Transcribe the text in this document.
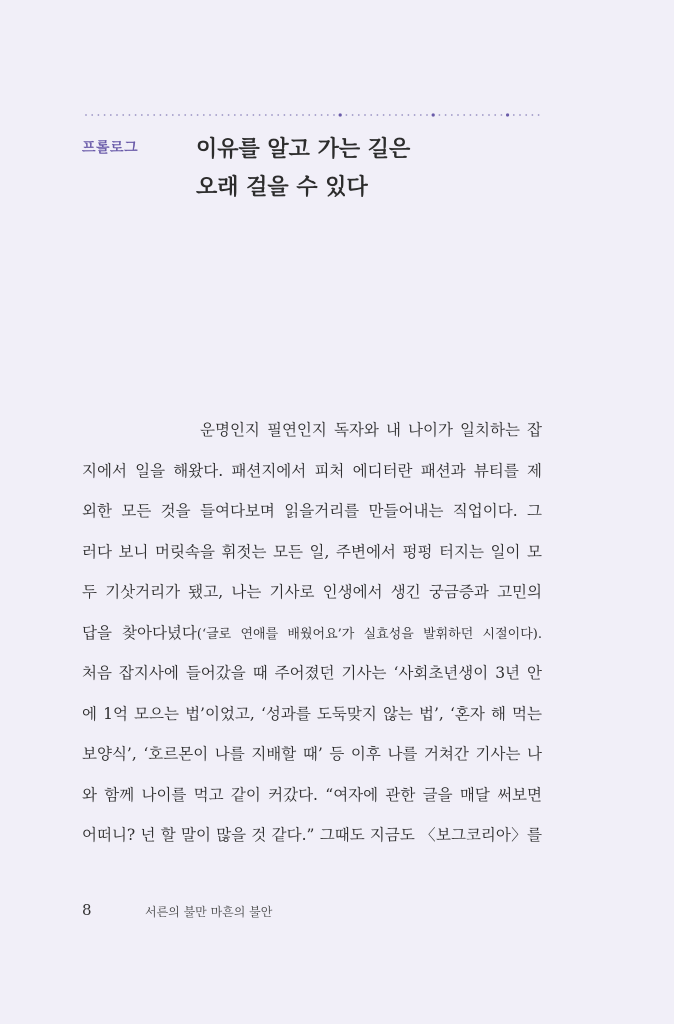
프롤로그	이유를 알고 가는 길은
오래 걸을 수 있다
운명인지 필연인지 독자와 내 나이가 일치하는 잡
지에서 일을 해왔다. 패션지에서 피처 에디터란 패션과 뷰티를 제
외한 모든 것을 들여다보며 읽을거리를 만들어내는 직업이다. 그
러다 보니 머릿속을 휘젓는 모든 일, 주변에서 펑펑 터지는 일이 모
두 기삿거리가 됐고, 나는 기사로 인생에서 생긴 궁금증과 고민의
답을 찾아다녔다(‘글로 연애를 배웠어요’가 실효성을 발휘하던 시절이다).
처음 잡지사에 들어갔을 때 주어졌던 기사는 ‘사회초년생이 3년 안
에 1억 모으는 법’이었고, ‘성과를 도둑맞지 않는 법’, ‘혼자 해 먹는
보양식’, ‘호르몬이 나를 지배할 때’ 등 이후 나를 거쳐간 기사는 나
와 함께 나이를 먹고 같이 커갔다. “여자에 관한 글을 매달 써보면
어떠니? 넌 할 말이 많을 것 같다.” 그때도 지금도 〈보그코리아〉를
8	서른의 불만 마흔의 불안
